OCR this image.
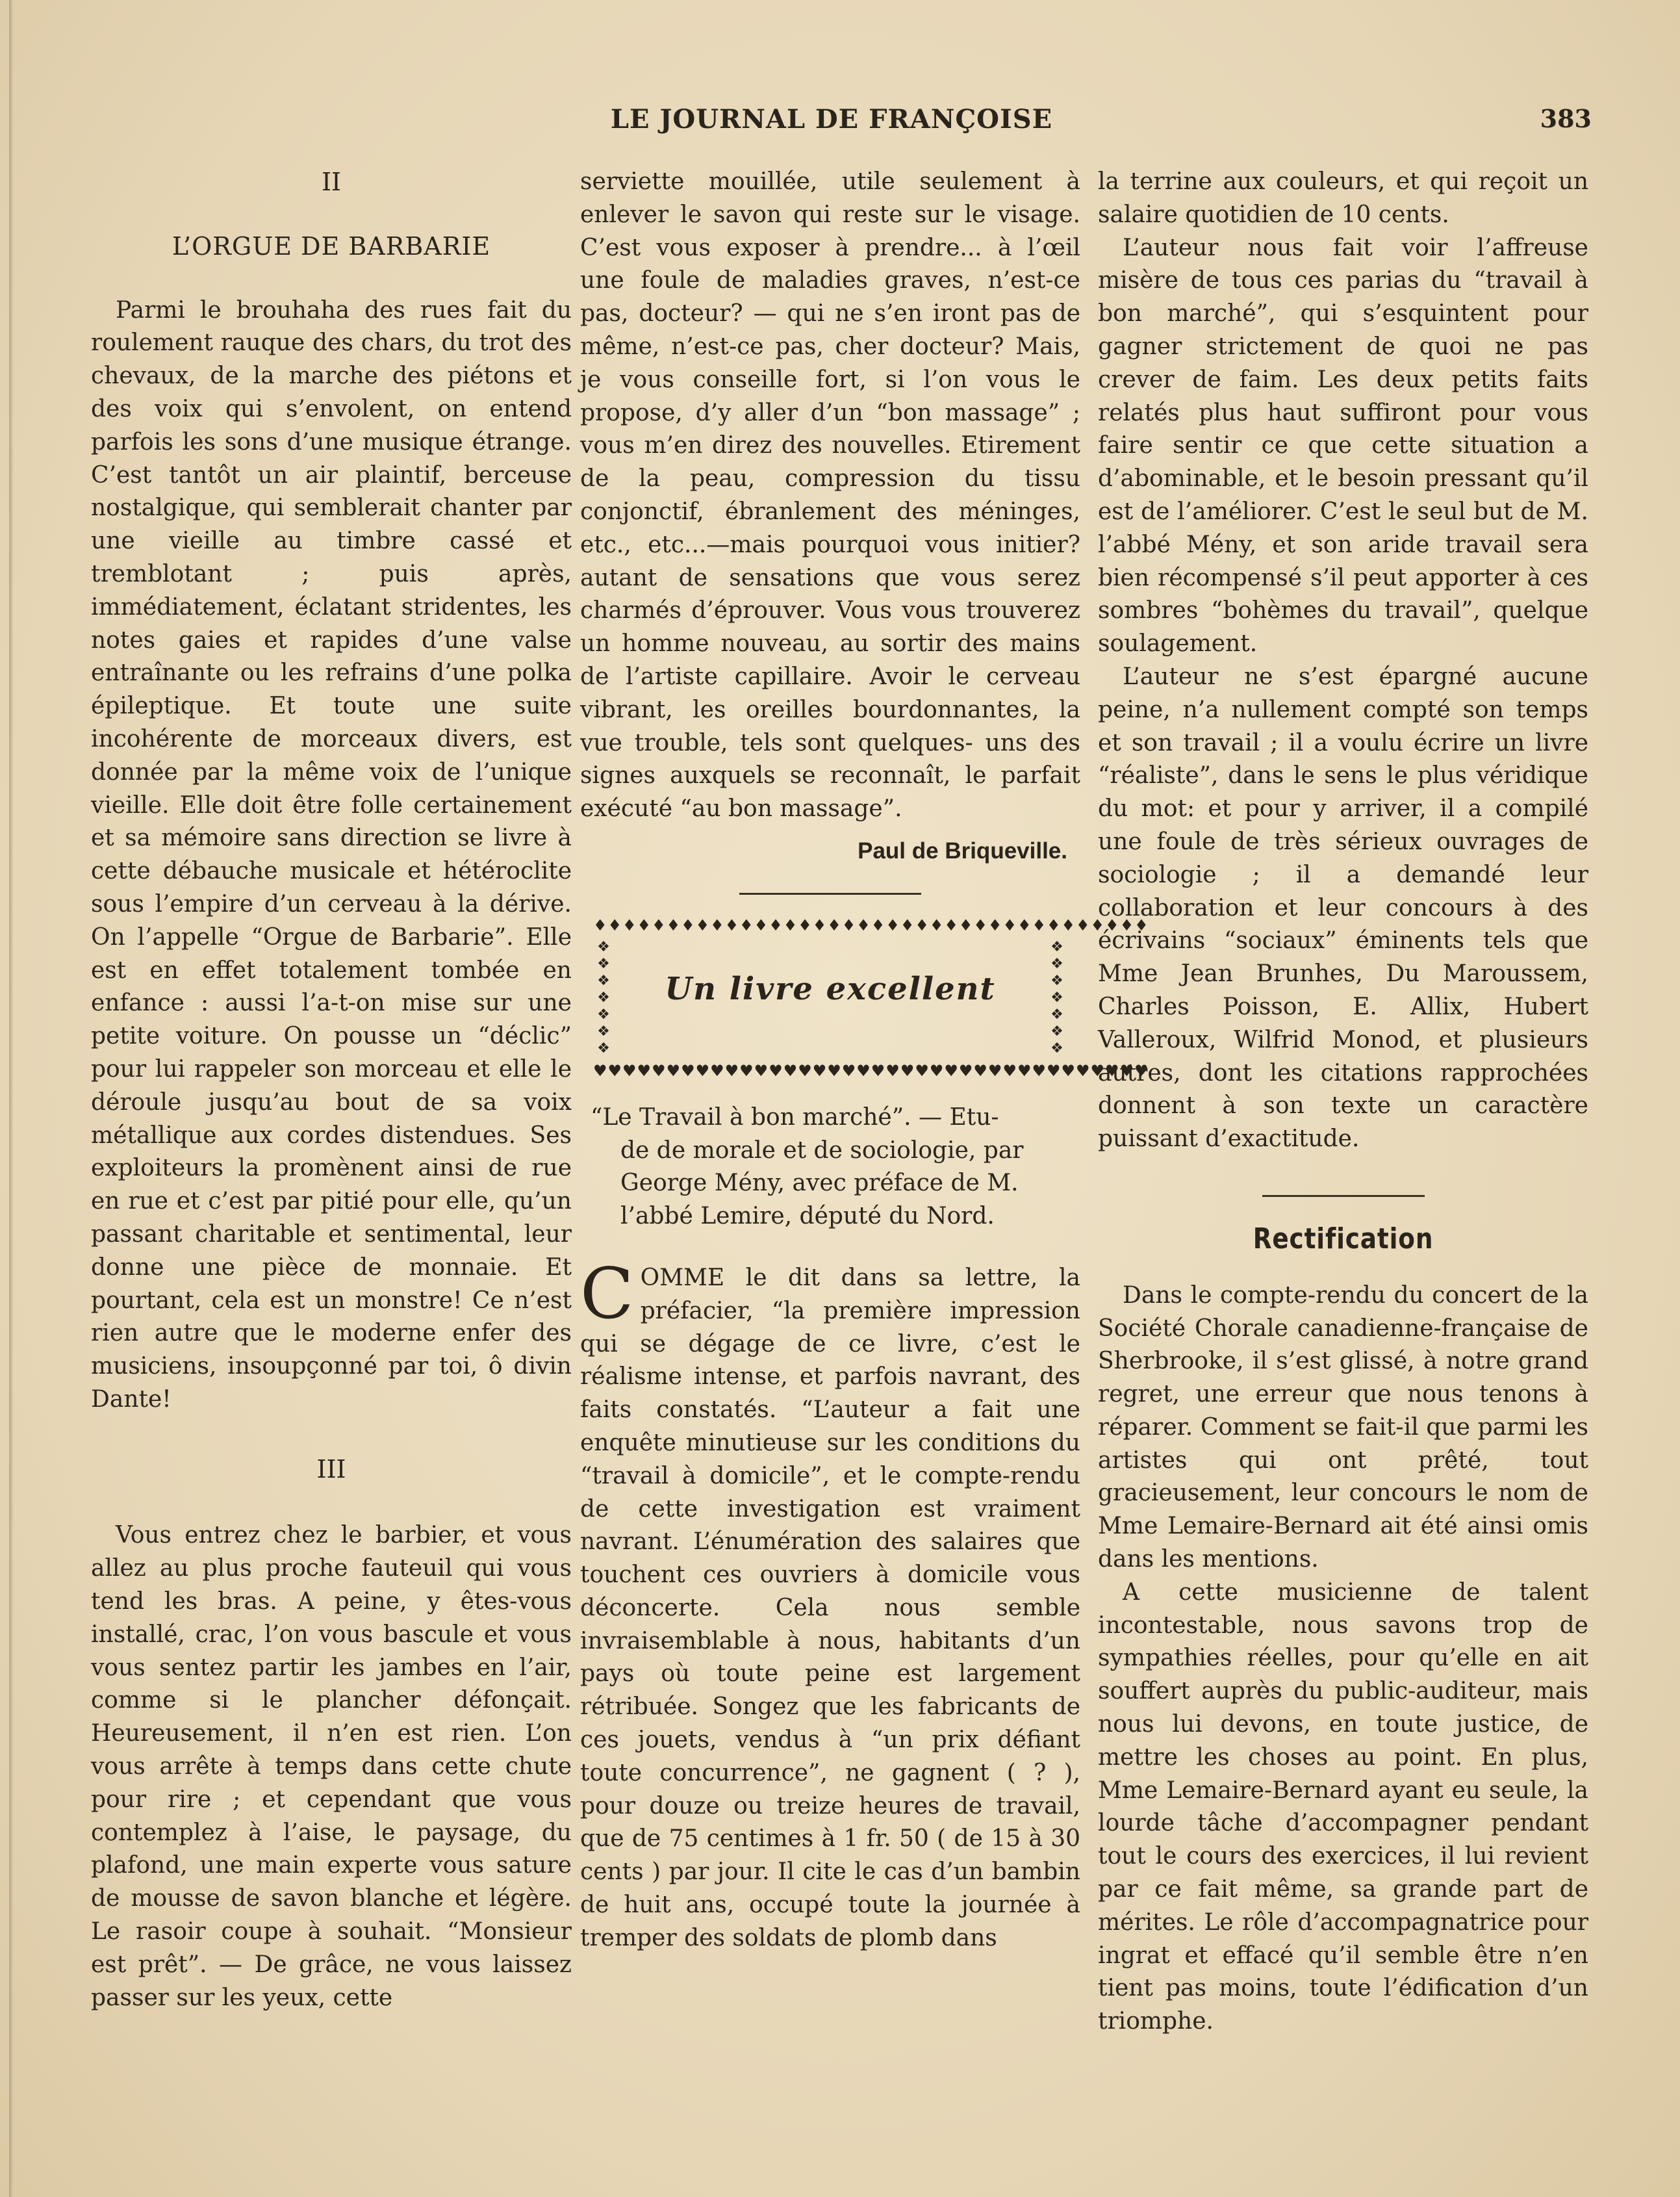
LE JOURNAL DE FRANÇOISE	383
II
L’ORGUE DE BARBARIE

Parmi le brouhaha des rues fait du roulement rauque des chars, du trot des chevaux, de la marche des piétons et des voix qui s’envolent, on entend parfois les sons d’une musique étrange. C’est tantôt un air plaintif, berceuse nostalgique, qui semblerait chanter par une vieille au timbre cassé et tremblotant ; puis après, immédiatement, éclatant stridentes, les notes gaies et rapides d’une valse entraînante ou les refrains d’une polka épileptique. Et toute une suite incohérente de morceaux divers, est donnée par la même voix de l’unique vieille. Elle doit être folle certainement et sa mémoire sans direction se livre à cette débauche musicale et hétéroclite sous l’empire d’un cerveau à la dérive. On l’appelle “Orgue de Barbarie”. Elle est en effet totalement tombée en enfance : aussi l’a-t-on mise sur une petite voiture. On pousse un “déclic” pour lui rappeler son morceau et elle le déroule jusqu’au bout de sa voix métallique aux cordes distendues. Ses exploiteurs la promènent ainsi de rue en rue et c’est par pitié pour elle, qu’un passant charitable et sentimental, leur donne une pièce de monnaie. Et pourtant, cela est un monstre! Ce n’est rien autre que le moderne enfer des musiciens, insoupçonné par toi, ô divin Dante!

III

Vous entrez chez le barbier, et vous allez au plus proche fauteuil qui vous tend les bras. A peine, y êtes-vous installé, crac, l’on vous bascule et vous vous sentez partir les jambes en l’air, comme si le plancher défonçait. Heureusement, il n’en est rien. L’on vous arrête à temps dans cette chute pour rire ; et cependant que vous contemplez à l’aise, le paysage, du plafond, une main experte vous sature de mousse de savon blanche et légère. Le rasoir coupe à souhait. “Monsieur est prêt”. — De grâce, ne vous laissez passer sur les yeux, cette

serviette mouillée, utile seulement à enlever le savon qui reste sur le visage. C’est vous exposer à prendre... à l’œil une foule de maladies graves, n’est-ce pas, docteur? — qui ne s’en iront pas de même, n’est-ce pas, cher docteur? Mais, je vous conseille fort, si l’on vous le propose, d’y aller d’un “bon massage” ; vous m’en direz des nouvelles. Etirement de la peau, compression du tissu conjonctif, ébranlement des méninges, etc., etc...—mais pourquoi vous initier? autant de sensations que vous serez charmés d’éprouver. Vous vous trouverez un homme nouveau, au sortir des mains de l’artiste capillaire. Avoir le cerveau vibrant, les oreilles bourdonnantes, la vue trouble, tels sont quelques- uns des signes auxquels se reconnaît, le parfait exécuté “au bon massage”.

Paul de Briqueville.
♦♦♦♦♦♦♦♦♦♦♦♦♦♦♦♦♦♦♦♦♦♦♦♦♦♦♦♦♦♦♦♦♦♦♦♦♦♦
❖
❖
❖
❖
❖
❖
❖
Un livre excellent
❖
❖
❖
❖
❖
❖
❖
♥♥♥♥♥♥♥♥♥♥♥♥♥♥♥♥♥♥♥♥♥♥♥♥♥♥♥♥♥♥♥♥♥♥♥♥♥♥
“Le Travail à bon marché”. — Etu-
de de morale et de sociologie, par
George Mény, avec préface de M.
l’abbé Lemire, député du Nord.

COMME le dit dans sa lettre, la préfacier, “la première impression qui se dégage de ce livre, c’est le réalisme intense, et parfois navrant, des faits constatés. “L’auteur a fait une enquête minutieuse sur les conditions du “travail à domicile”, et le compte-rendu de cette investigation est vraiment navrant. L’énumération des salaires que touchent ces ouvriers à domicile vous déconcerte. Cela nous semble invraisemblable à nous, habitants d’un pays où toute peine est largement rétribuée. Songez que les fabricants de ces jouets, vendus à “un prix défiant toute concurrence”, ne gagnent ( ? ), pour douze ou treize heures de travail, que de 75 centimes à 1 fr. 50 ( de 15 à 30 cents ) par jour. Il cite le cas d’un bambin de huit ans, occupé toute la journée à tremper des soldats de plomb dans

la terrine aux couleurs, et qui reçoit un salaire quotidien de 10 cents.

L’auteur nous fait voir l’affreuse misère de tous ces parias du “travail à bon marché”, qui s’esquintent pour gagner strictement de quoi ne pas crever de faim. Les deux petits faits relatés plus haut suffiront pour vous faire sentir ce que cette situation a d’abominable, et le besoin pressant qu’il est de l’améliorer. C’est le seul but de M. l’abbé Mény, et son aride travail sera bien récompensé s’il peut apporter à ces sombres “bohèmes du travail”, quelque soulagement.

L’auteur ne s’est épargné aucune peine, n’a nullement compté son temps et son travail ; il a voulu écrire un livre “réaliste”, dans le sens le plus véridique du mot: et pour y arriver, il a compilé une foule de très sérieux ouvrages de sociologie ; il a demandé leur collaboration et leur concours à des écrivains “sociaux” éminents tels que Mme Jean Brunhes, Du Maroussem, Charles Poisson, E. Allix, Hubert Valleroux, Wilfrid Monod, et plusieurs autres, dont les citations rapprochées donnent à son texte un caractère puissant d’exactitude.

Rectification

Dans le compte-rendu du concert de la Société Chorale canadienne-française de Sherbrooke, il s’est glissé, à notre grand regret, une erreur que nous tenons à réparer. Comment se fait-il que parmi les artistes qui ont prêté, tout gracieusement, leur concours le nom de Mme Lemaire-Bernard ait été ainsi omis dans les mentions.

A cette musicienne de talent incontestable, nous savons trop de sympathies réelles, pour qu’elle en ait souffert auprès du public-auditeur, mais nous lui devons, en toute justice, de mettre les choses au point. En plus, Mme Lemaire-Bernard ayant eu seule, la lourde tâche d’accompagner pendant tout le cours des exercices, il lui revient par ce fait même, sa grande part de mérites. Le rôle d’accompagnatrice pour ingrat et effacé qu’il semble être n’en tient pas moins, toute l’édification d’un triomphe.
